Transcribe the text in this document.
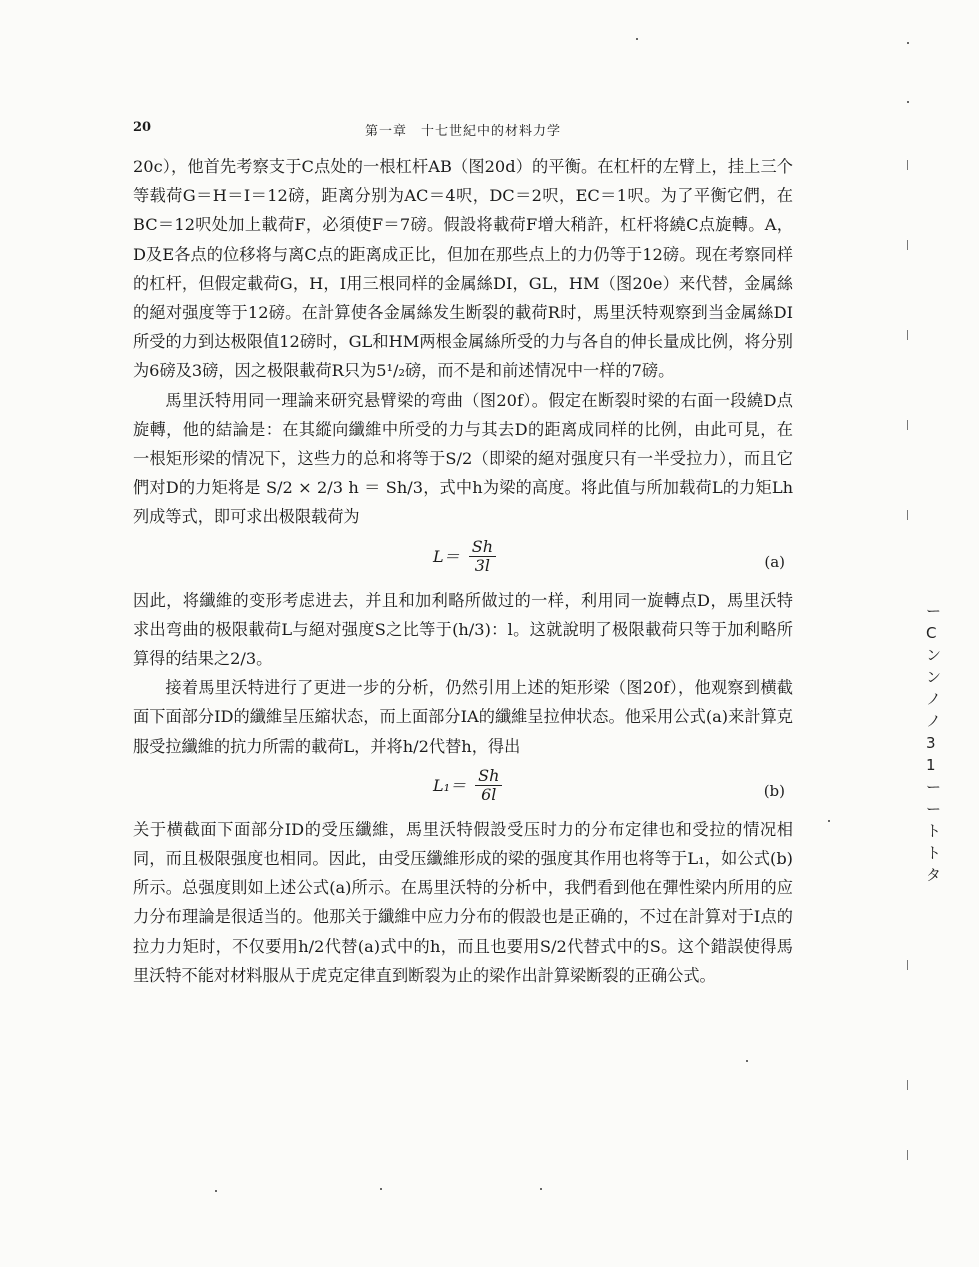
20	第一章　十七世紀中的材料力学

20c），他首先考察支于C点处的一根杠杆AB（图20d）的平衡。在杠杆的左臂上，挂上三个等载荷G＝H＝I＝12磅，距离分别为AC＝4呎，DC＝2呎，EC＝1呎。为了平衡它們，在BC＝12呎处加上載荷F，必須使F＝7磅。假設将載荷F增大稍許，杠杆将繞C点旋轉。A，D及E各点的位移将与离C点的距离成正比，但加在那些点上的力仍等于12磅。现在考察同样的杠杆，但假定載荷G，H，I用三根同样的金属絲DI，GL，HM（图20e）来代替，金属絲的絕对强度等于12磅。在計算使各金属絲发生断裂的載荷R时，馬里沃特观察到当金属絲DI所受的力到达极限值12磅时，GL和HM两根金属絲所受的力与各自的伸长量成比例，将分别为6磅及3磅，因之极限載荷R只为5¹/₂磅，而不是和前述情况中一样的7磅。

馬里沃特用同一理論来研究悬臂梁的弯曲（图20f）。假定在断裂时梁的右面一段繞D点旋轉，他的結論是：在其縱向纖維中所受的力与其去D的距离成同样的比例，由此可見，在一根矩形梁的情况下，这些力的总和将等于S/2（即梁的絕对强度只有一半受拉力），而且它們对D的力矩将是 S/2 × 2/3 h ＝ Sh/3，式中h为梁的高度。将此值与所加载荷L的力矩Lh列成等式，即可求出极限载荷为

$L= \frac{Sh}{3l}$	(a)

因此，将纖維的变形考虑进去，并且和加利略所做过的一样，利用同一旋轉点D，馬里沃特求出弯曲的极限載荷L与絕对强度S之比等于(h/3)：l。这就說明了极限載荷只等于加利略所算得的结果之2/3。

接着馬里沃特进行了更进一步的分析，仍然引用上述的矩形梁（图20f），他观察到横截面下面部分ID的纖維呈压縮状态，而上面部分IA的纖維呈拉伸状态。他采用公式(a)来計算克服受拉纖維的抗力所需的載荷L，并将h/2代替h，得出

$L_1= \frac{Sh}{6l}$	(b)

关于横截面下面部分ID的受压纖維，馬里沃特假設受压时力的分布定律也和受拉的情况相同，而且极限强度也相同。因此，由受压纖維形成的梁的强度其作用也将等于L₁，如公式(b)所示。总强度則如上述公式(a)所示。在馬里沃特的分析中，我們看到他在彈性梁内所用的应力分布理論是很适当的。他那关于纖維中应力分布的假設也是正确的，不过在計算对于I点的拉力力矩时，不仅要用h/2代替(a)式中的h，而且也要用S/2代替式中的S。这个錯誤使得馬里沃特不能对材料服从于虎克定律直到断裂为止的梁作出計算梁断裂的正确公式。

ー
C
ン
ン
ノ
ノ
3
1
ー
ー
ト
ト
タ
